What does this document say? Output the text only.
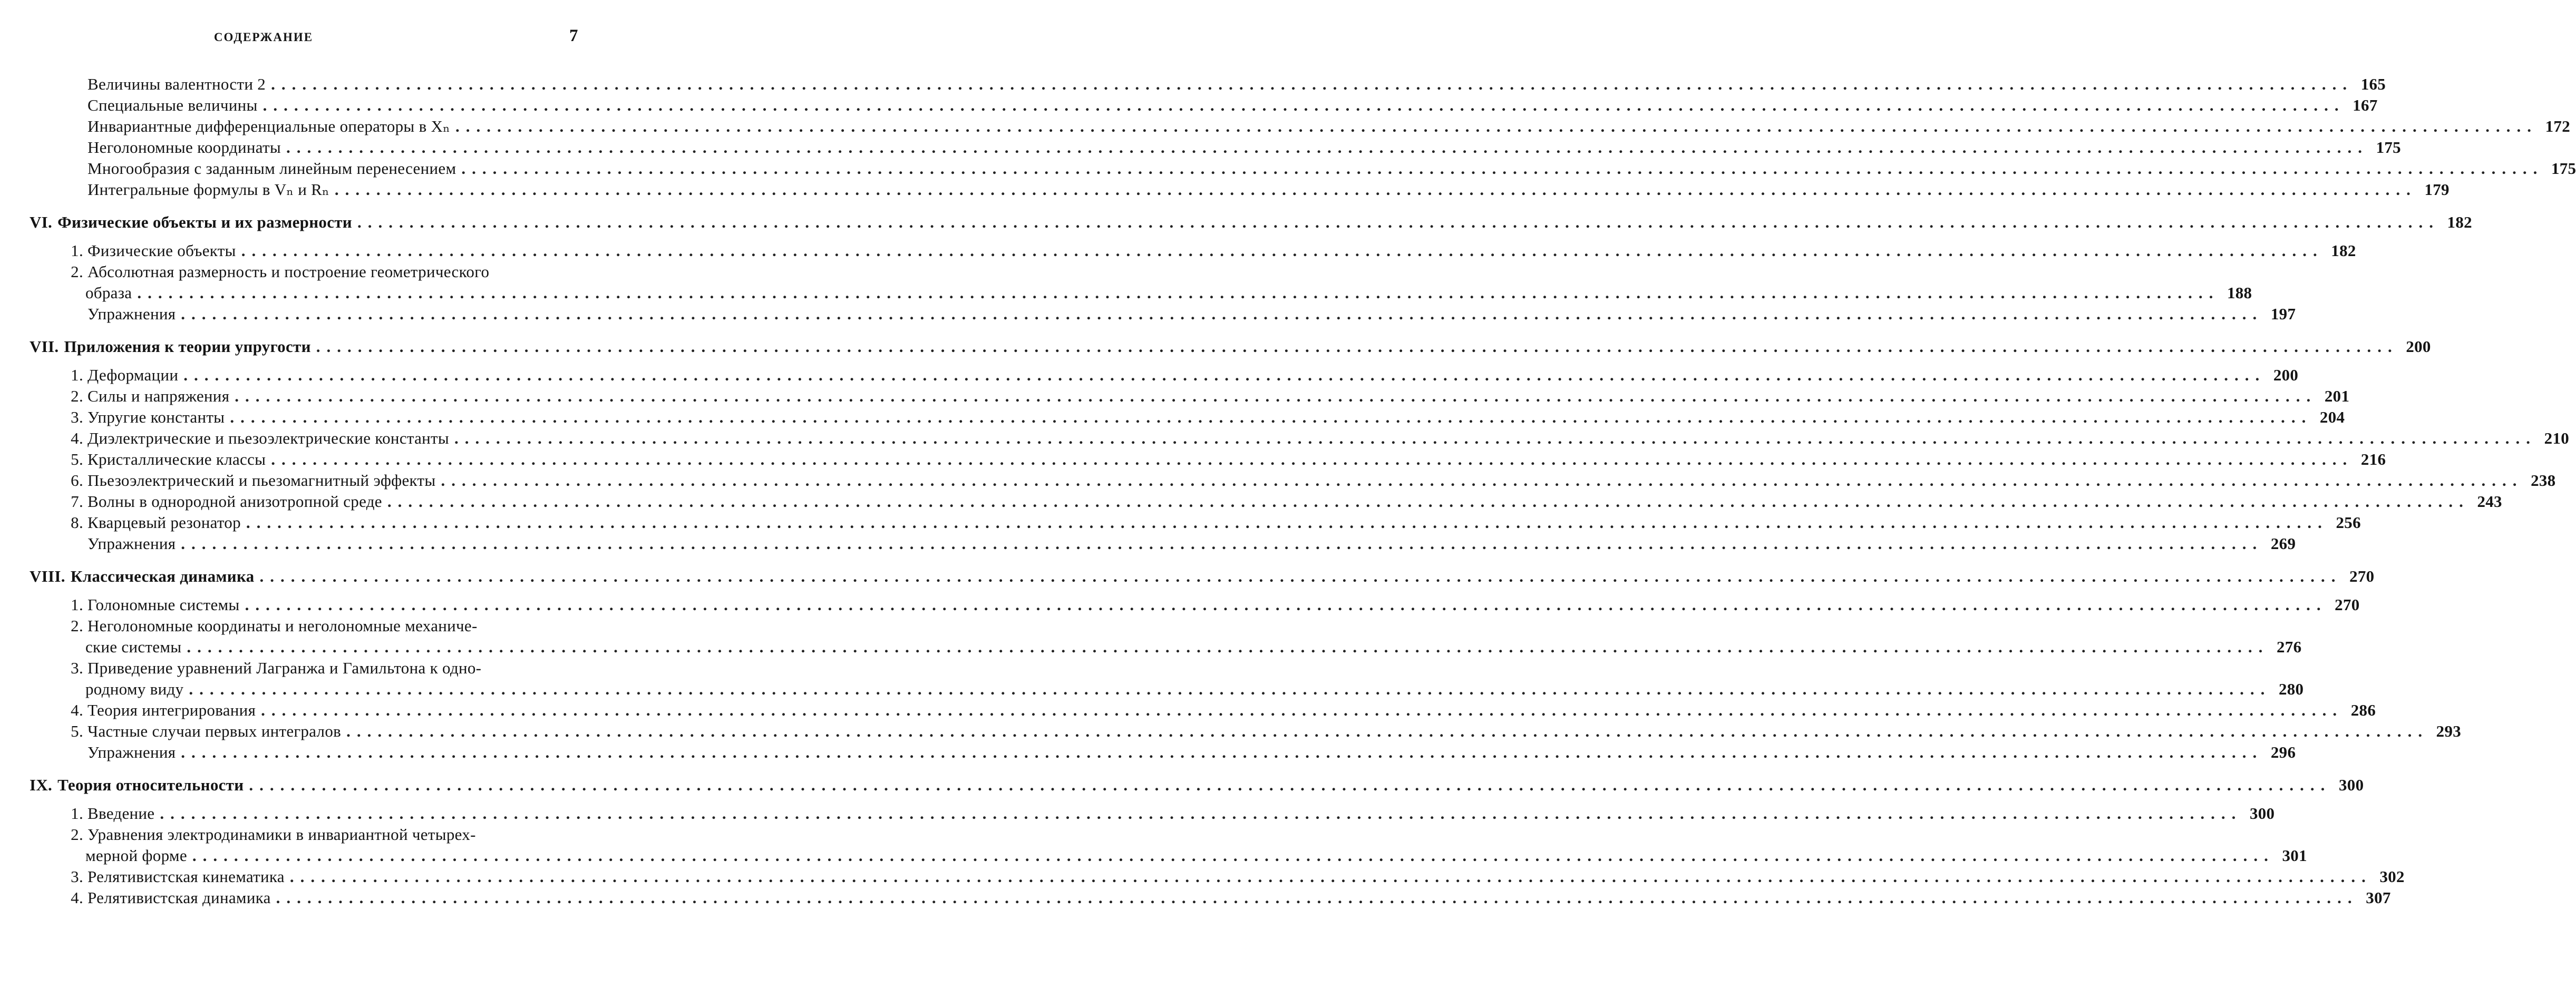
СОДЕРЖАНИЕ	7
Величины валентности 2 ........................................................................................................................................................................................................ 165
Специальные величины ........................................................................................................................................................................................................ 167
Инвариантные дифференциальные операторы в Xₙ ........................................................................................................................................................................................................ 172
Неголономные координаты ........................................................................................................................................................................................................ 175
Многообразия с заданным линейным перенесением ........................................................................................................................................................................................................ 175
Интегральные формулы в Vₙ и Rₙ ........................................................................................................................................................................................................ 179
VI. Физические объекты и их размерности ........................................................................................................................................................................................................ 182
1. Физические объекты ........................................................................................................................................................................................................ 182
2. Абсолютная размерность и построение геометрического
образа ........................................................................................................................................................................................................ 188
Упражнения ........................................................................................................................................................................................................ 197
VII. Приложения к теории упругости ........................................................................................................................................................................................................ 200
1. Деформации ........................................................................................................................................................................................................ 200
2. Силы и напряжения ........................................................................................................................................................................................................ 201
3. Упругие константы ........................................................................................................................................................................................................ 204
4. Диэлектрические и пьезоэлектрические константы ........................................................................................................................................................................................................ 210
5. Кристаллические классы ........................................................................................................................................................................................................ 216
6. Пьезоэлектрический и пьезомагнитный эффекты ........................................................................................................................................................................................................ 238
7. Волны в однородной анизотропной среде ........................................................................................................................................................................................................ 243
8. Кварцевый резонатор ........................................................................................................................................................................................................ 256
Упражнения ........................................................................................................................................................................................................ 269
VIII. Классическая динамика ........................................................................................................................................................................................................ 270
1. Голономные системы ........................................................................................................................................................................................................ 270
2. Неголономные координаты и неголономные механиче-
ские системы ........................................................................................................................................................................................................ 276
3. Приведение уравнений Лагранжа и Гамильтона к одно-
родному виду ........................................................................................................................................................................................................ 280
4. Теория интегрирования ........................................................................................................................................................................................................ 286
5. Частные случаи первых интегралов ........................................................................................................................................................................................................ 293
Упражнения ........................................................................................................................................................................................................ 296
IX. Теория относительности ........................................................................................................................................................................................................ 300
1. Введение ........................................................................................................................................................................................................ 300
2. Уравнения электродинамики в инвариантной четырех-
мерной форме ........................................................................................................................................................................................................ 301
3. Релятивистская кинематика ........................................................................................................................................................................................................ 302
4. Релятивистская динамика ........................................................................................................................................................................................................ 307
